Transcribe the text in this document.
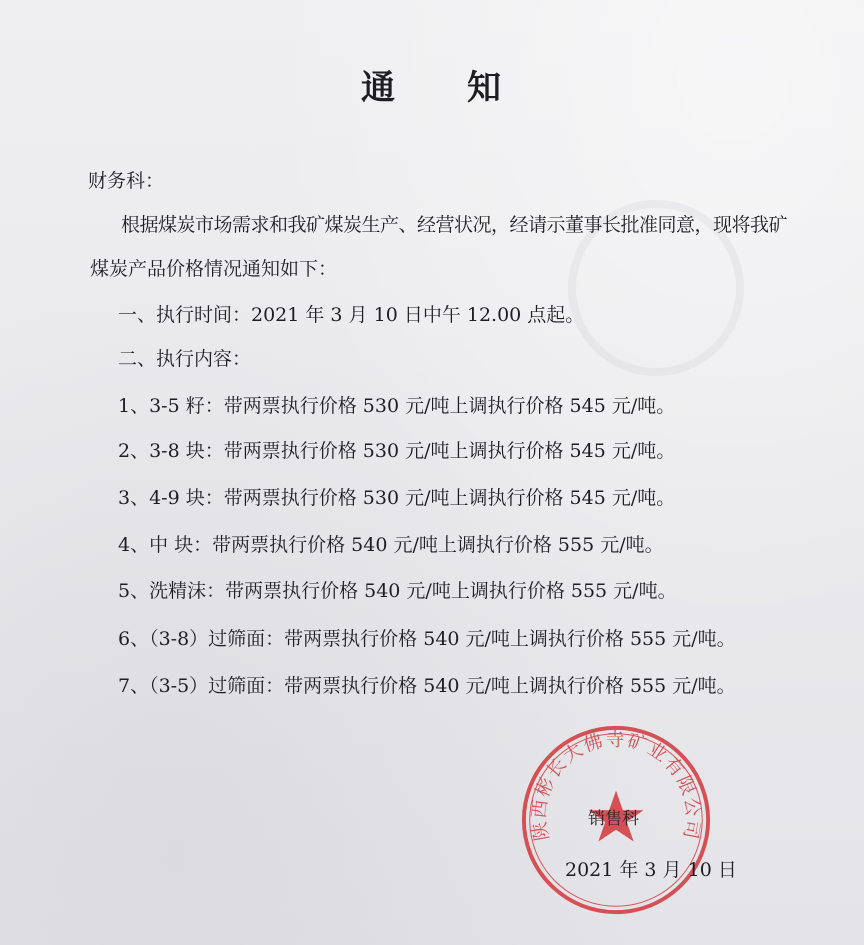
通 知
财务科：
根据煤炭市场需求和我矿煤炭生产、经营状况，经请示董事长批准同意，现将我矿
煤炭产品价格情况通知如下：
一、执行时间：2021 年 3 月 10 日中午 12.00 点起。
二、执行内容：
1、3-5 籽：带两票执行价格 530 元/吨上调执行价格 545 元/吨。
2、3-8 块：带两票执行价格 530 元/吨上调执行价格 545 元/吨。
3、4-9 块：带两票执行价格 530 元/吨上调执行价格 545 元/吨。
4、中 块：带两票执行价格 540 元/吨上调执行价格 555 元/吨。
5、洗精沫：带两票执行价格 540 元/吨上调执行价格 555 元/吨。
6、（3-8）过筛面：带两票执行价格 540 元/吨上调执行价格 555 元/吨。
7、（3-5）过筛面：带两票执行价格 540 元/吨上调执行价格 555 元/吨。
陕西彬长大佛寺矿业有限公司
销售科
2021 年 3 月 10 日
